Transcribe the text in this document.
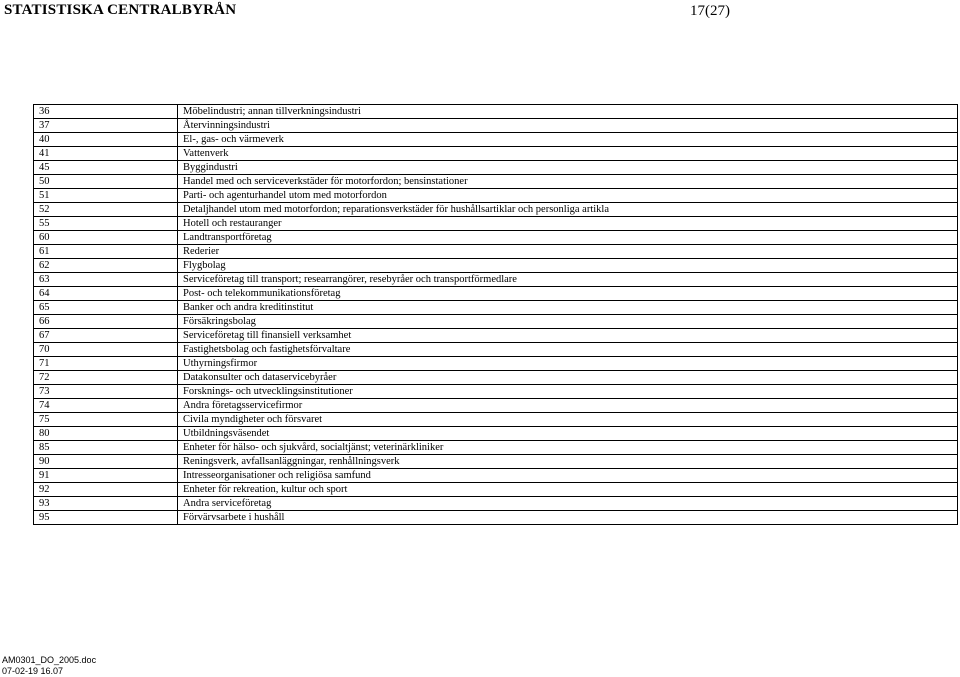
STATISTISKA CENTRALBYRÅN	17(27)
36	Möbelindustri; annan tillverkningsindustri
37	Återvinningsindustri
40	El-, gas- och värmeverk
41	Vattenverk
45	Byggindustri
50	Handel med och serviceverkstäder för motorfordon; bensinstationer
51	Parti- och agenturhandel utom med motorfordon
52	Detaljhandel utom med motorfordon; reparationsverkstäder för hushållsartiklar och personliga artikla
55	Hotell och restauranger
60	Landtransportföretag
61	Rederier
62	Flygbolag
63	Serviceföretag till transport; researrangörer, resebyråer och transportförmedlare
64	Post- och telekommunikationsföretag
65	Banker och andra kreditinstitut
66	Försäkringsbolag
67	Serviceföretag till finansiell verksamhet
70	Fastighetsbolag och fastighetsförvaltare
71	Uthyrningsfirmor
72	Datakonsulter och dataservicebyråer
73	Forsknings- och utvecklingsinstitutioner
74	Andra företagsservicefirmor
75	Civila myndigheter och försvaret
80	Utbildningsväsendet
85	Enheter för hälso- och sjukvård, socialtjänst; veterinärkliniker
90	Reningsverk, avfallsanläggningar, renhållningsverk
91	Intresseorganisationer och religiösa samfund
92	Enheter för rekreation, kultur och sport
93	Andra serviceföretag
95	Förvärvsarbete i hushåll
AM0301_DO_2005.doc
07-02-19 16.07
